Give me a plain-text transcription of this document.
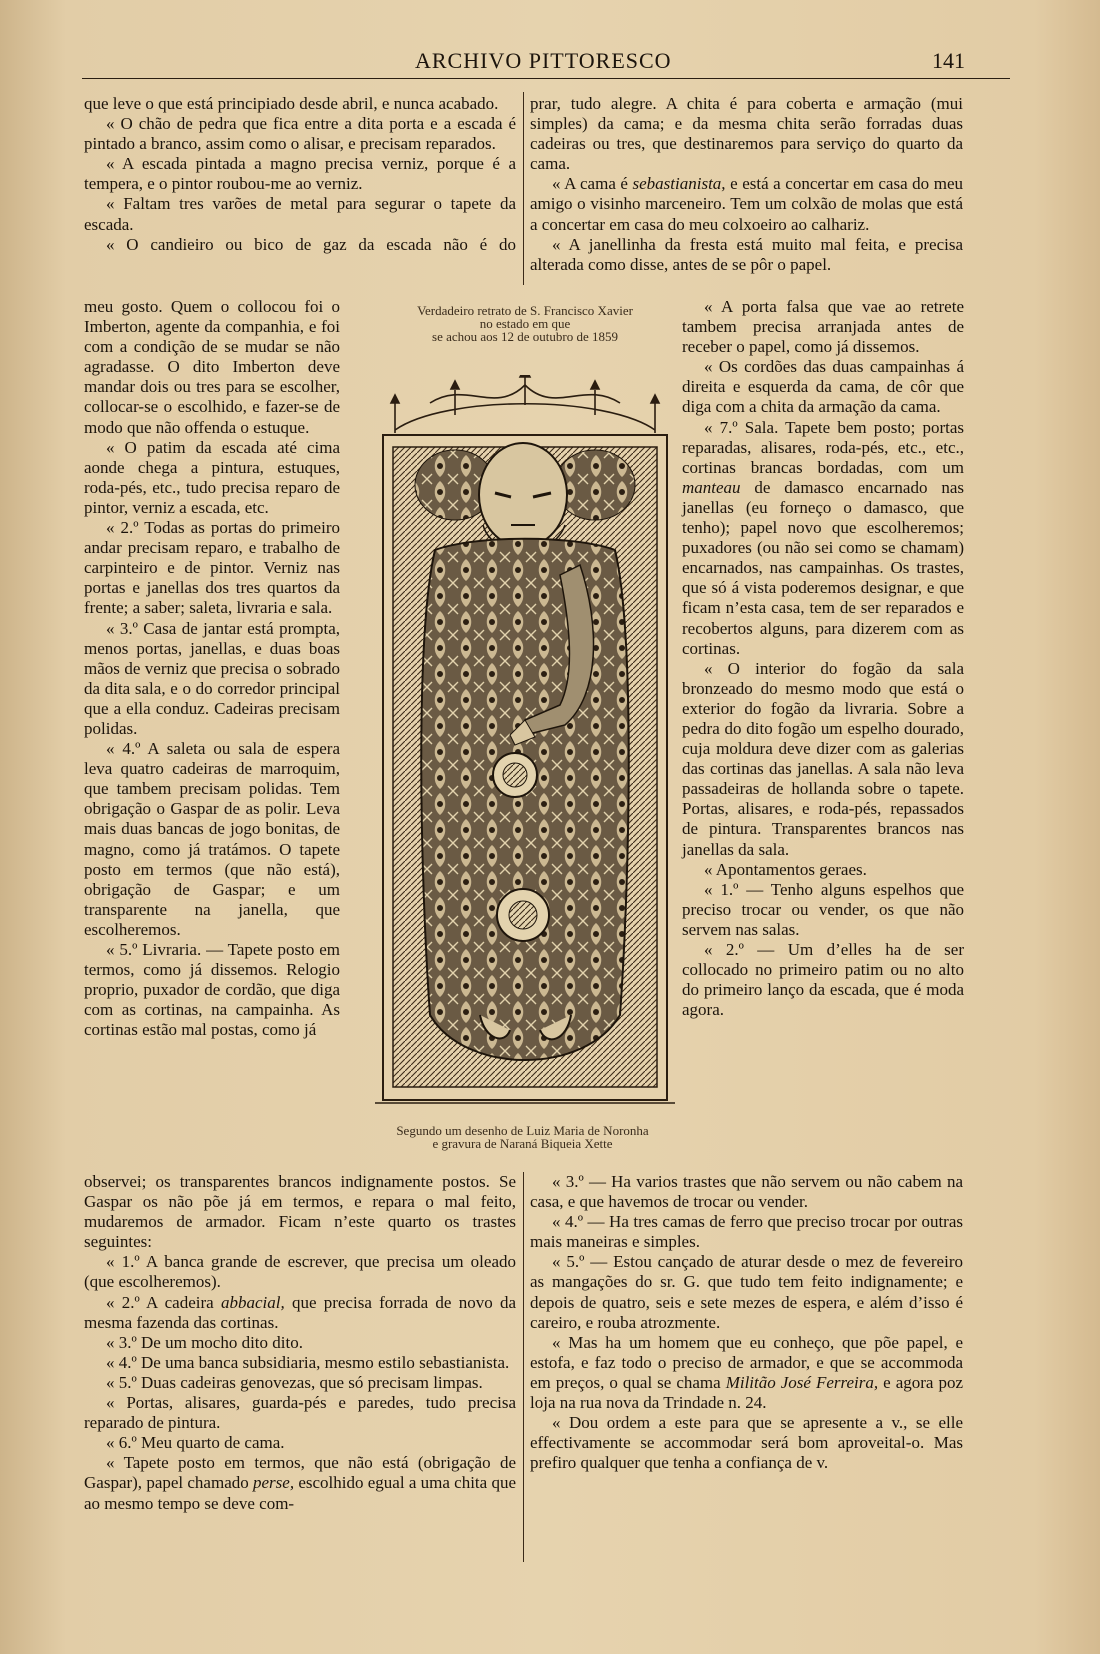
ARCHIVO PITTORESCO	141

que leve o que está principiado desde abril, e nunca acabado.

« O chão de pedra que fica entre a dita porta e a escada é pintado a branco, assim como o alisar, e precisam reparados.

« A escada pintada a magno precisa verniz, porque é a tempera, e o pintor roubou-me ao verniz.

« Faltam tres varões de metal para segurar o tapete da escada.

« O candieiro ou bico de gaz da escada não é do

prar, tudo alegre. A chita é para coberta e armação (mui simples) da cama; e da mesma chita serão forradas duas cadeiras ou tres, que destinaremos para serviço do quarto da cama.

« A cama é sebastianista, e está a concertar em casa do meu amigo o visinho marceneiro. Tem um colxão de molas que está a concertar em casa do meu colxoeiro ao calhariz.

« A janellinha da fresta está muito mal feita, e precisa alterada como disse, antes de se pôr o papel.

meu gosto. Quem o collocou foi o Imberton, agente da companhia, e foi com a condição de se mudar se não agradasse. O dito Imberton deve mandar dois ou tres para se escolher, collocar-se o escolhido, e fazer-se de modo que não offenda o estuque.

« O patim da escada até cima aonde chega a pintura, estuques, roda-pés, etc., tudo precisa reparo de pintor, verniz a escada, etc.

« 2.º Todas as portas do primeiro andar precisam reparo, e trabalho de carpinteiro e de pintor. Verniz nas portas e janellas dos tres quartos da frente; a saber; saleta, livraria e sala.

« 3.º Casa de jantar está prompta, menos portas, janellas, e duas boas mãos de verniz que precisa o sobrado da dita sala, e o do corredor principal que a ella conduz. Cadeiras precisam polidas.

« 4.º A saleta ou sala de espera leva quatro cadeiras de marroquim, que tambem precisam polidas. Tem obrigação o Gaspar de as polir. Leva mais duas bancas de jogo bonitas, de magno, como já tratámos. O tapete posto em termos (que não está), obrigação de Gaspar; e um transparente na janella, que escolheremos.

« 5.º Livraria. — Tapete posto em termos, como já dissemos. Relogio proprio, puxador de cordão, que diga com as cortinas, na campainha. As cortinas estão mal postas, como já

« A porta falsa que vae ao retrete tambem precisa arranjada antes de receber o papel, como já dissemos.

« Os cordões das duas campainhas á direita e esquerda da cama, de côr que diga com a chita da armação da cama.

« 7.º Sala. Tapete bem posto; portas reparadas, alisares, roda-pés, etc., etc., cortinas brancas bordadas, com um manteau de damasco encarnado nas janellas (eu forneço o damasco, que tenho); papel novo que escolheremos; puxadores (ou não sei como se chamam) encarnados, nas campainhas. Os trastes, que só á vista poderemos designar, e que ficam n’esta casa, tem de ser reparados e recobertos alguns, para dizerem com as cortinas.

« O interior do fogão da sala bronzeado do mesmo modo que está o exterior do fogão da livraria. Sobre a pedra do dito fogão um espelho dourado, cuja moldura deve dizer com as galerias das cortinas das janellas. A sala não leva passadeiras de hollanda sobre o tapete. Portas, alisares, e roda-pés, repassados de pintura. Transparentes brancos nas janellas da sala.

« Apontamentos geraes.

« 1.º — Tenho alguns espelhos que preciso trocar ou vender, os que não servem nas salas.

« 2.º — Um d’elles ha de ser collocado no primeiro patim ou no alto do primeiro lanço da escada, que é moda agora.

Verdadeiro retrato de S. Francisco Xavier
no estado em que
se achou aos 12 de outubro de 1859
Segundo um desenho de Luiz Maria de Noronha
e gravura de Naraná Biqueia Xette

observei; os transparentes brancos indignamente postos. Se Gaspar os não põe já em termos, e repara o mal feito, mudaremos de armador. Ficam n’este quarto os trastes seguintes:

« 1.º A banca grande de escrever, que precisa um oleado (que escolheremos).

« 2.º A cadeira abbacial, que precisa forrada de novo da mesma fazenda das cortinas.

« 3.º De um mocho dito dito.

« 4.º De uma banca subsidiaria, mesmo estilo sebastianista.

« 5.º Duas cadeiras genovezas, que só precisam limpas.

« Portas, alisares, guarda-pés e paredes, tudo precisa reparado de pintura.

« 6.º Meu quarto de cama.

« Tapete posto em termos, que não está (obrigação de Gaspar), papel chamado perse, escolhido egual a uma chita que ao mesmo tempo se deve com-

« 3.º — Ha varios trastes que não servem ou não cabem na casa, e que havemos de trocar ou vender.

« 4.º — Ha tres camas de ferro que preciso trocar por outras mais maneiras e simples.

« 5.º — Estou cançado de aturar desde o mez de fevereiro as mangações do sr. G. que tudo tem feito indignamente; e depois de quatro, seis e sete mezes de espera, e além d’isso é careiro, e rouba atrozmente.

« Mas ha um homem que eu conheço, que põe papel, e estofa, e faz todo o preciso de armador, e que se accommoda em preços, o qual se chama Militão José Ferreira, e agora poz loja na rua nova da Trindade n. 24.

« Dou ordem a este para que se apresente a v., se elle effectivamente se accommodar será bom aproveital-o. Mas prefiro qualquer que tenha a confiança de v.
